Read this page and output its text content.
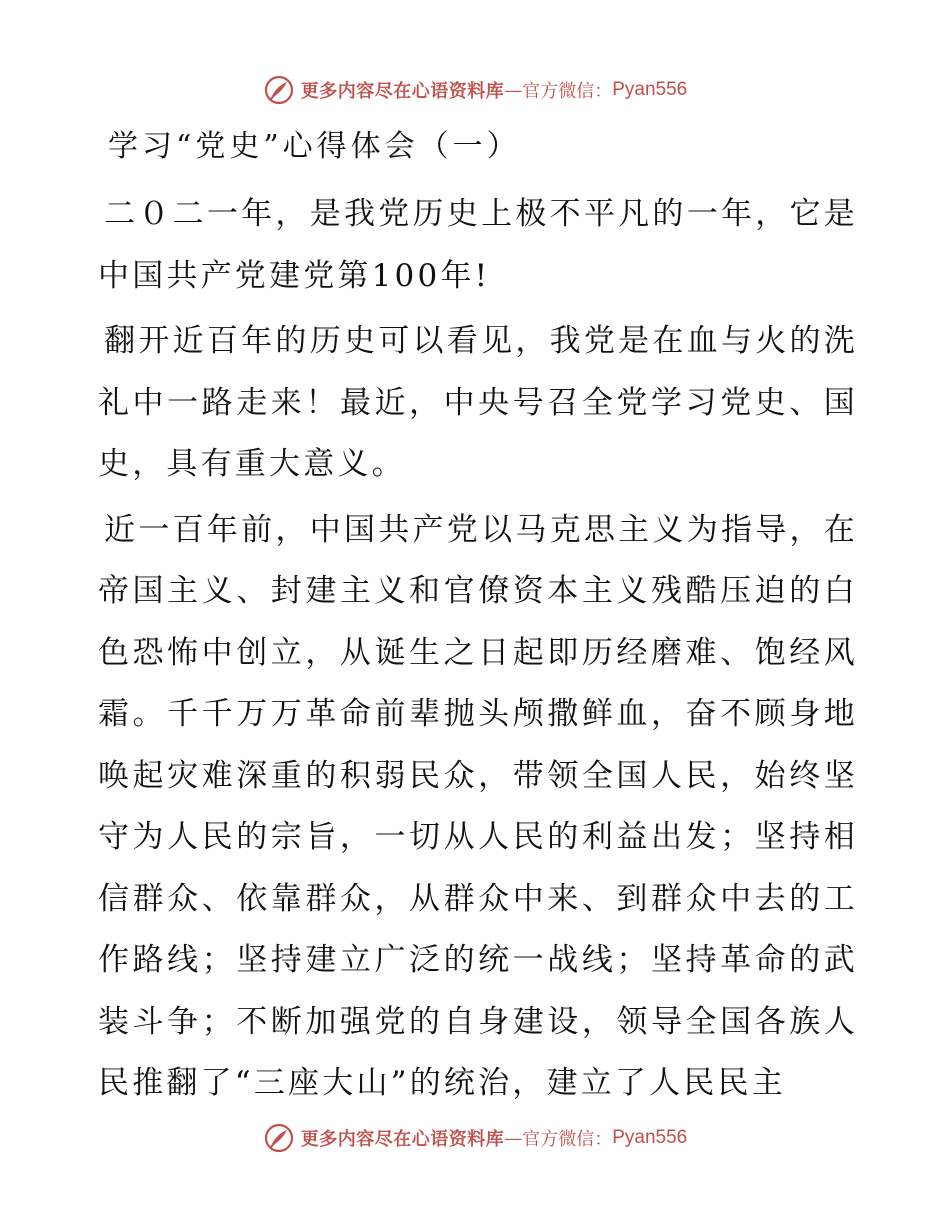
更多内容尽在心语资料库 — 官方微信： Pyan556
学习“党史”心得体会（一）

二０二一年，是我党历史上极不平凡的一年，它是中国共产党建党第100年!

翻开近百年的历史可以看见，我党是在血与火的洗礼中一路走来！最近，中央号召全党学习党史、国史，具有重大意义。

近一百年前，中国共产党以马克思主义为指导，在帝国主义、封建主义和官僚资本主义残酷压迫的白色恐怖中创立，从诞生之日起即历经磨难、饱经风霜。千千万万革命前辈抛头颅撒鲜血，奋不顾身地唤起灾难深重的积弱民众，带领全国人民，始终坚守为人民的宗旨，一切从人民的利益出发；坚持相信群众、依靠群众，从群众中来、到群众中去的工作路线；坚持建立广泛的统一战线；坚持革命的武装斗争；不断加强党的自身建设，领导全国各族人民推翻了“三座大山”的统治，建立了人民民主

更多内容尽在心语资料库 — 官方微信： Pyan556
